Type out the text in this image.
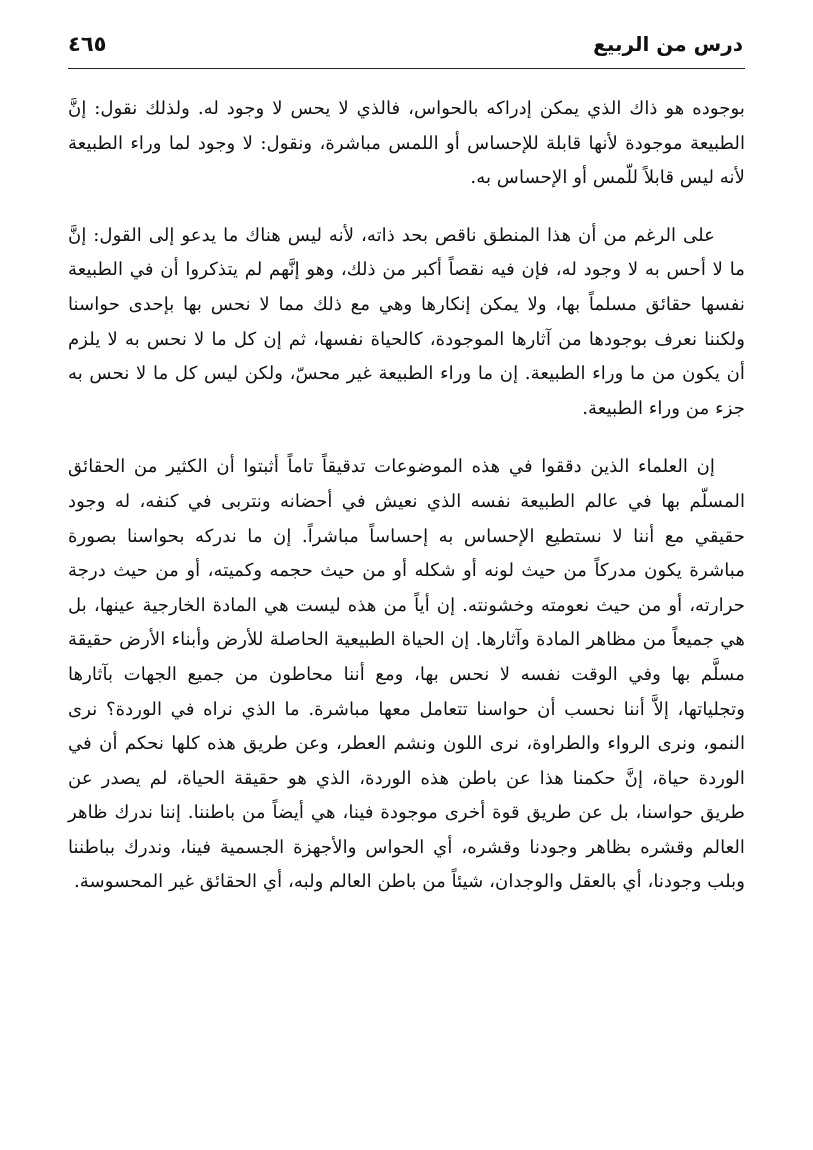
درس من الربيع
٤٦٥

بوجوده هو ذاك الذي يمكن إدراكه بالحواس، فالذي لا يحس لا وجود له. ولذلك نقول: إنَّ الطبيعة موجودة لأنها قابلة للإحساس أو اللمس مباشرة، ونقول: لا وجود لما وراء الطبيعة لأنه ليس قابلاً للّمس أو الإحساس به.

على الرغم من أن هذا المنطق ناقص بحد ذاته، لأنه ليس هناك ما يدعو إلى القول: إنَّ ما لا أحس به لا وجود له، فإن فيه نقصاً أكبر من ذلك، وهو إنَّهم لم يتذكروا أن في الطبيعة نفسها حقائق مسلماً بها، ولا يمكن إنكارها وهي مع ذلك مما لا نحس بها بإحدى حواسنا ولكننا نعرف بوجودها من آثارها الموجودة، كالحياة نفسها، ثم إن كل ما لا نحس به لا يلزم أن يكون من ما وراء الطبيعة. إن ما وراء الطبيعة غير محسّ، ولكن ليس كل ما لا نحس به جزء من وراء الطبيعة.

إن العلماء الذين دققوا في هذه الموضوعات تدقيقاً تاماً أثبتوا أن الكثير من الحقائق المسلّم بها في عالم الطبيعة نفسه الذي نعيش في أحضانه ونتربى في كنفه، له وجود حقيقي مع أننا لا نستطيع الإحساس به إحساساً مباشراً. إن ما ندركه بحواسنا بصورة مباشرة يكون مدركاً من حيث لونه أو شكله أو من حيث حجمه وكميته، أو من حيث درجة حرارته، أو من حيث نعومته وخشونته. إن أياً من هذه ليست هي المادة الخارجية عينها، بل هي جميعاً من مظاهر المادة وآثارها. إن الحياة الطبيعية الحاصلة للأرض وأبناء الأرض حقيقة مسلَّم بها وفي الوقت نفسه لا نحس بها، ومع أننا محاطون من جميع الجهات بآثارها وتجلياتها، إلاَّ أننا نحسب أن حواسنا تتعامل معها مباشرة. ما الذي نراه في الوردة؟ نرى النمو، ونرى الرواء والطراوة، نرى اللون ونشم العطر، وعن طريق هذه كلها نحكم أن في الوردة حياة، إنَّ حكمنا هذا عن باطن هذه الوردة، الذي هو حقيقة الحياة، لم يصدر عن طريق حواسنا، بل عن طريق قوة أخرى موجودة فينا، هي أيضاً من باطننا. إننا ندرك ظاهر العالم وقشره بظاهر وجودنا وقشره، أي الحواس والأجهزة الجسمية فينا، وندرك بباطننا وبلب وجودنا، أي بالعقل والوجدان، شيئاً من باطن العالم ولبه، أي الحقائق غير المحسوسة.
